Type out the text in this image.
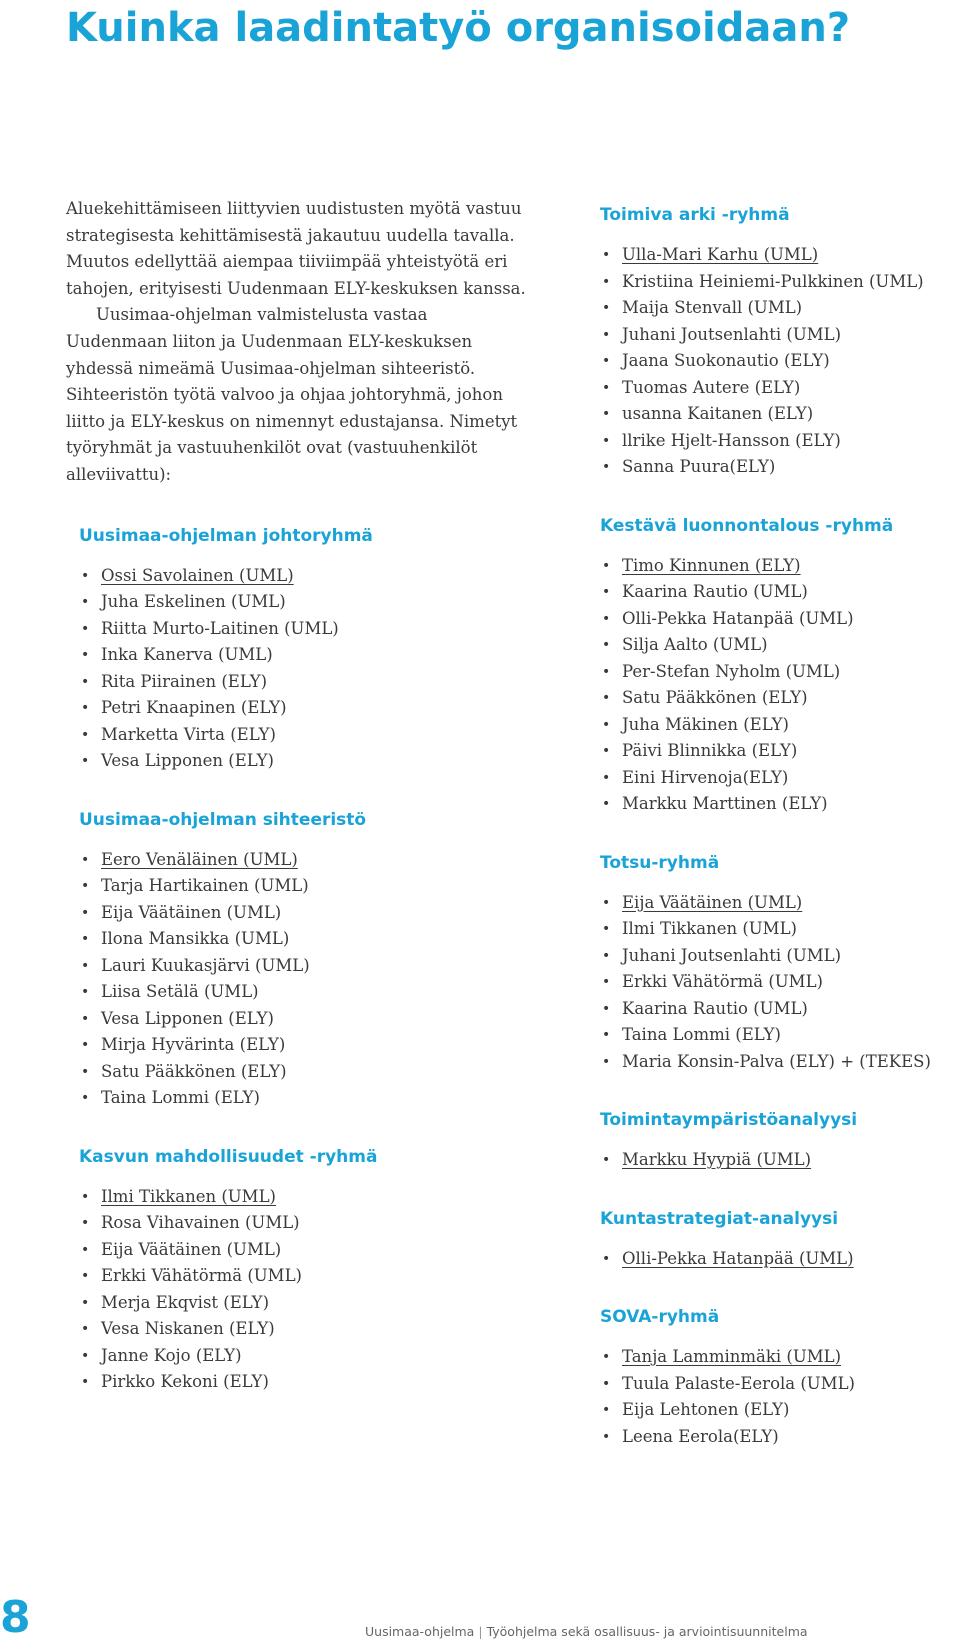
Kuinka laadintatyö organisoidaan?

Aluekehittämiseen liittyvien uudistusten myötä vastuu strategisesta kehittämisestä jakautuu uudella tavalla. Muutos edellyttää aiempaa tiiviimpää yhteistyötä eri tahojen, erityisesti Uudenmaan ELY-keskuksen kanssa.

Uusimaa-ohjelman valmistelusta vastaa Uudenmaan liiton ja Uudenmaan ELY-keskuksen yhdessä nimeämä Uusimaa-ohjelman sihteeristö. Sihteeristön työtä valvoo ja ohjaa johtoryhmä, johon liitto ja ELY-keskus on nimennyt edustajansa. Nimetyt työryhmät ja vastuuhenkilöt ovat (vastuuhenkilöt alleviivattu):

Uusimaa-ohjelman johtoryhmä
• Ossi Savolainen (UML)
• Juha Eskelinen (UML)
• Riitta Murto-Laitinen (UML)
• Inka Kanerva (UML)
• Rita Piirainen (ELY)
• Petri Knaapinen (ELY)
• Marketta Virta (ELY)
• Vesa Lipponen (ELY)
Uusimaa-ohjelman sihteeristö
• Eero Venäläinen (UML)
• Tarja Hartikainen (UML)
• Eija Väätäinen (UML)
• Ilona Mansikka (UML)
• Lauri Kuukasjärvi (UML)
• Liisa Setälä (UML)
• Vesa Lipponen (ELY)
• Mirja Hyvärinta (ELY)
• Satu Pääkkönen (ELY)
• Taina Lommi (ELY)
Kasvun mahdollisuudet -ryhmä
• Ilmi Tikkanen (UML)
• Rosa Vihavainen (UML)
• Eija Väätäinen (UML)
• Erkki Vähätörmä (UML)
• Merja Ekqvist (ELY)
• Vesa Niskanen (ELY)
• Janne Kojo (ELY)
• Pirkko Kekoni (ELY)
Toimiva arki -ryhmä
• Ulla-Mari Karhu (UML)
• Kristiina Heiniemi-Pulkkinen (UML)
• Maija Stenvall (UML)
• Juhani Joutsenlahti (UML)
• Jaana Suokonautio (ELY)
• Tuomas Autere (ELY)
• usanna Kaitanen (ELY)
• llrike Hjelt-Hansson (ELY)
• Sanna Puura(ELY)
Kestävä luonnontalous -ryhmä
• Timo Kinnunen (ELY)
• Kaarina Rautio (UML)
• Olli-Pekka Hatanpää (UML)
• Silja Aalto (UML)
• Per-Stefan Nyholm (UML)
• Satu Pääkkönen (ELY)
• Juha Mäkinen (ELY)
• Päivi Blinnikka (ELY)
• Eini Hirvenoja(ELY)
• Markku Marttinen (ELY)
Totsu-ryhmä
• Eija Väätäinen (UML)
• Ilmi Tikkanen (UML)
• Juhani Joutsenlahti (UML)
• Erkki Vähätörmä (UML)
• Kaarina Rautio (UML)
• Taina Lommi (ELY)
• Maria Konsin-Palva (ELY) + (TEKES)
Toimintaympäristöanalyysi
• Markku Hyypiä (UML)
Kuntastrategiat-analyysi
• Olli-Pekka Hatanpää (UML)
SOVA-ryhmä
• Tanja Lamminmäki (UML)
• Tuula Palaste-Eerola (UML)
• Eija Lehtonen (ELY)
• Leena Eerola(ELY)
8	Uusimaa-ohjelma | Työohjelma sekä osallisuus- ja arviointisuunnitelma
